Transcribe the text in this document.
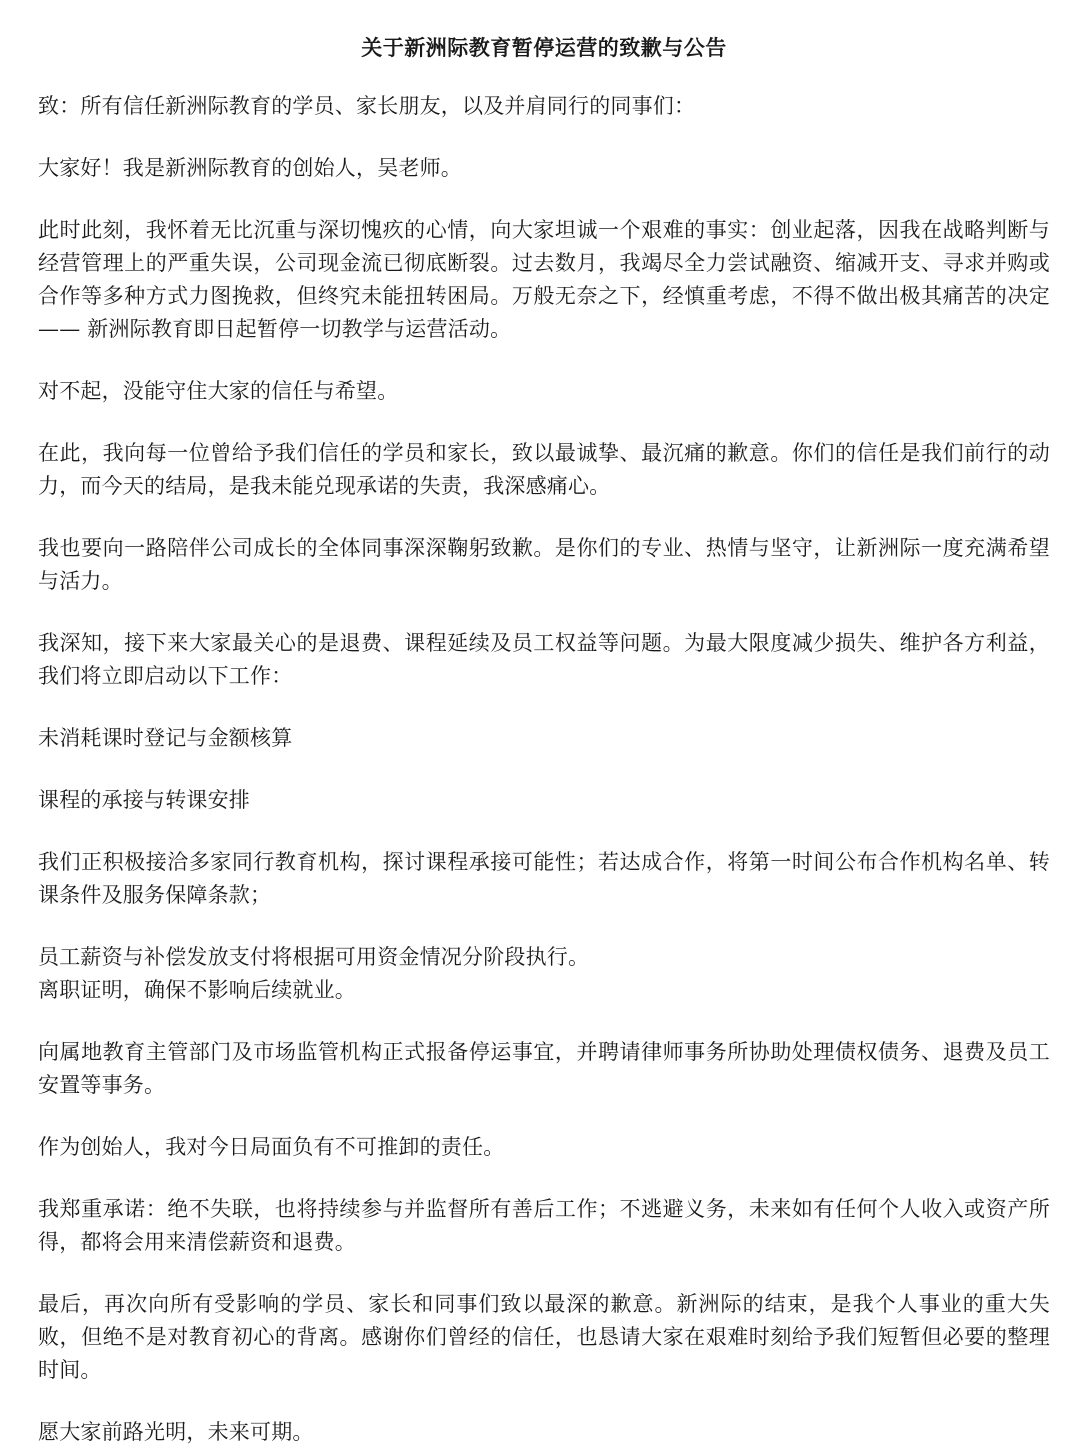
关于新洲际教育暂停运营的致歉与公告

致：所有信任新洲际教育的学员、家长朋友，以及并肩同行的同事们：

大家好！我是新洲际教育的创始人，吴老师。

此时此刻，我怀着无比沉重与深切愧疚的心情，向大家坦诚一个艰难的事实：创业起落，因我在战略判断与经营管理上的严重失误，公司现金流已彻底断裂。过去数月，我竭尽全力尝试融资、缩减开支、寻求并购或合作等多种方式力图挽救，但终究未能扭转困局。万般无奈之下，经慎重考虑，不得不做出极其痛苦的决定 —— 新洲际教育即日起暂停一切教学与运营活动。

对不起，没能守住大家的信任与希望。

在此，我向每一位曾给予我们信任的学员和家长，致以最诚挚、最沉痛的歉意。你们的信任是我们前行的动力，而今天的结局，是我未能兑现承诺的失责，我深感痛心。

我也要向一路陪伴公司成长的全体同事深深鞠躬致歉。是你们的专业、热情与坚守，让新洲际一度充满希望与活力。

我深知，接下来大家最关心的是退费、课程延续及员工权益等问题。为最大限度减少损失、维护各方利益，我们将立即启动以下工作：

未消耗课时登记与金额核算

课程的承接与转课安排

我们正积极接洽多家同行教育机构，探讨课程承接可能性；若达成合作，将第一时间公布合作机构名单、转课条件及服务保障条款；

员工薪资与补偿发放支付将根据可用资金情况分阶段执行。

离职证明，确保不影响后续就业。

向属地教育主管部门及市场监管机构正式报备停运事宜，并聘请律师事务所协助处理债权债务、退费及员工安置等事务。

作为创始人，我对今日局面负有不可推卸的责任。

我郑重承诺：绝不失联，也将持续参与并监督所有善后工作；不逃避义务，未来如有任何个人收入或资产所得，都将会用来清偿薪资和退费。

最后，再次向所有受影响的学员、家长和同事们致以最深的歉意。新洲际的结束，是我个人事业的重大失败，但绝不是对教育初心的背离。感谢你们曾经的信任，也恳请大家在艰难时刻给予我们短暂但必要的整理时间。

愿大家前路光明，未来可期。
